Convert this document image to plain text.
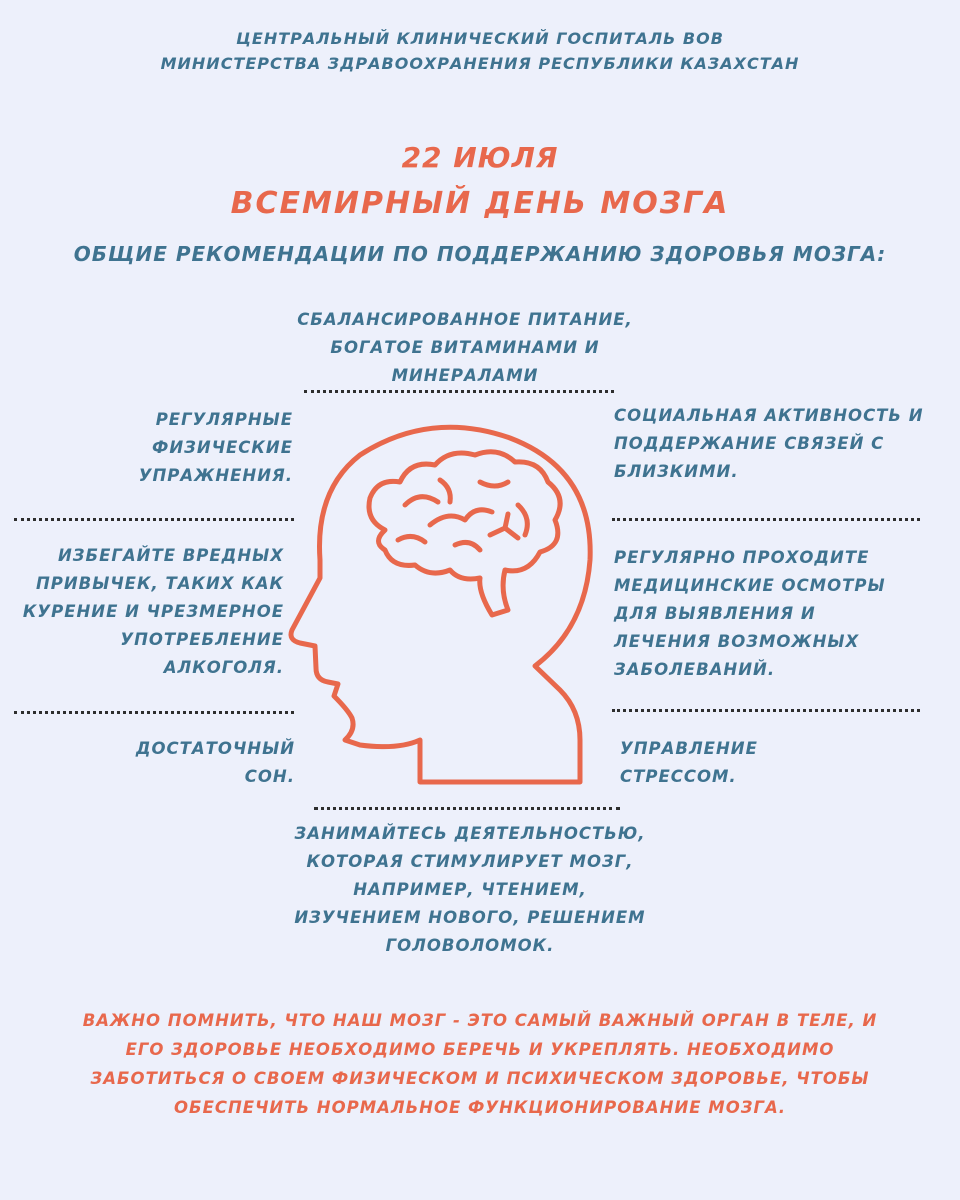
ЦЕНТРАЛЬНЫЙ КЛИНИЧЕСКИЙ ГОСПИТАЛЬ ВОВ
МИНИСТЕРСТВА ЗДРАВООХРАНЕНИЯ РЕСПУБЛИКИ КАЗАХСТАН
22 ИЮЛЯ
ВСЕМИРНЫЙ ДЕНЬ МОЗГА
ОБЩИЕ РЕКОМЕНДАЦИИ ПО ПОДДЕРЖАНИЮ ЗДОРОВЬЯ МОЗГА:
СБАЛАНСИРОВАННОЕ ПИТАНИЕ,
БОГАТОЕ ВИТАМИНАМИ И
МИНЕРАЛАМИ
РЕГУЛЯРНЫЕ
ФИЗИЧЕСКИЕ
УПРАЖНЕНИЯ.
ИЗБЕГАЙТЕ ВРЕДНЫХ
ПРИВЫЧЕК, ТАКИХ КАК
КУРЕНИЕ И ЧРЕЗМЕРНОЕ
УПОТРЕБЛЕНИЕ
АЛКОГОЛЯ.
ДОСТАТОЧНЫЙ
СОН.
СОЦИАЛЬНАЯ АКТИВНОСТЬ И
ПОДДЕРЖАНИЕ СВЯЗЕЙ С
БЛИЗКИМИ.
РЕГУЛЯРНО ПРОХОДИТЕ
МЕДИЦИНСКИЕ ОСМОТРЫ
ДЛЯ ВЫЯВЛЕНИЯ И
ЛЕЧЕНИЯ ВОЗМОЖНЫХ
ЗАБОЛЕВАНИЙ.
УПРАВЛЕНИЕ
СТРЕССОМ.
ЗАНИМАЙТЕСЬ ДЕЯТЕЛЬНОСТЬЮ,
КОТОРАЯ СТИМУЛИРУЕТ МОЗГ,
НАПРИМЕР, ЧТЕНИЕМ,
ИЗУЧЕНИЕМ НОВОГО, РЕШЕНИЕМ
ГОЛОВОЛОМОК.
ВАЖНО ПОМНИТЬ, ЧТО НАШ МОЗГ - ЭТО САМЫЙ ВАЖНЫЙ ОРГАН В ТЕЛЕ, И
ЕГО ЗДОРОВЬЕ НЕОБХОДИМО БЕРЕЧЬ И УКРЕПЛЯТЬ. НЕОБХОДИМО
ЗАБОТИТЬСЯ О СВОЕМ ФИЗИЧЕСКОМ И ПСИХИЧЕСКОМ ЗДОРОВЬЕ, ЧТОБЫ
ОБЕСПЕЧИТЬ НОРМАЛЬНОЕ ФУНКЦИОНИРОВАНИЕ МОЗГА.
